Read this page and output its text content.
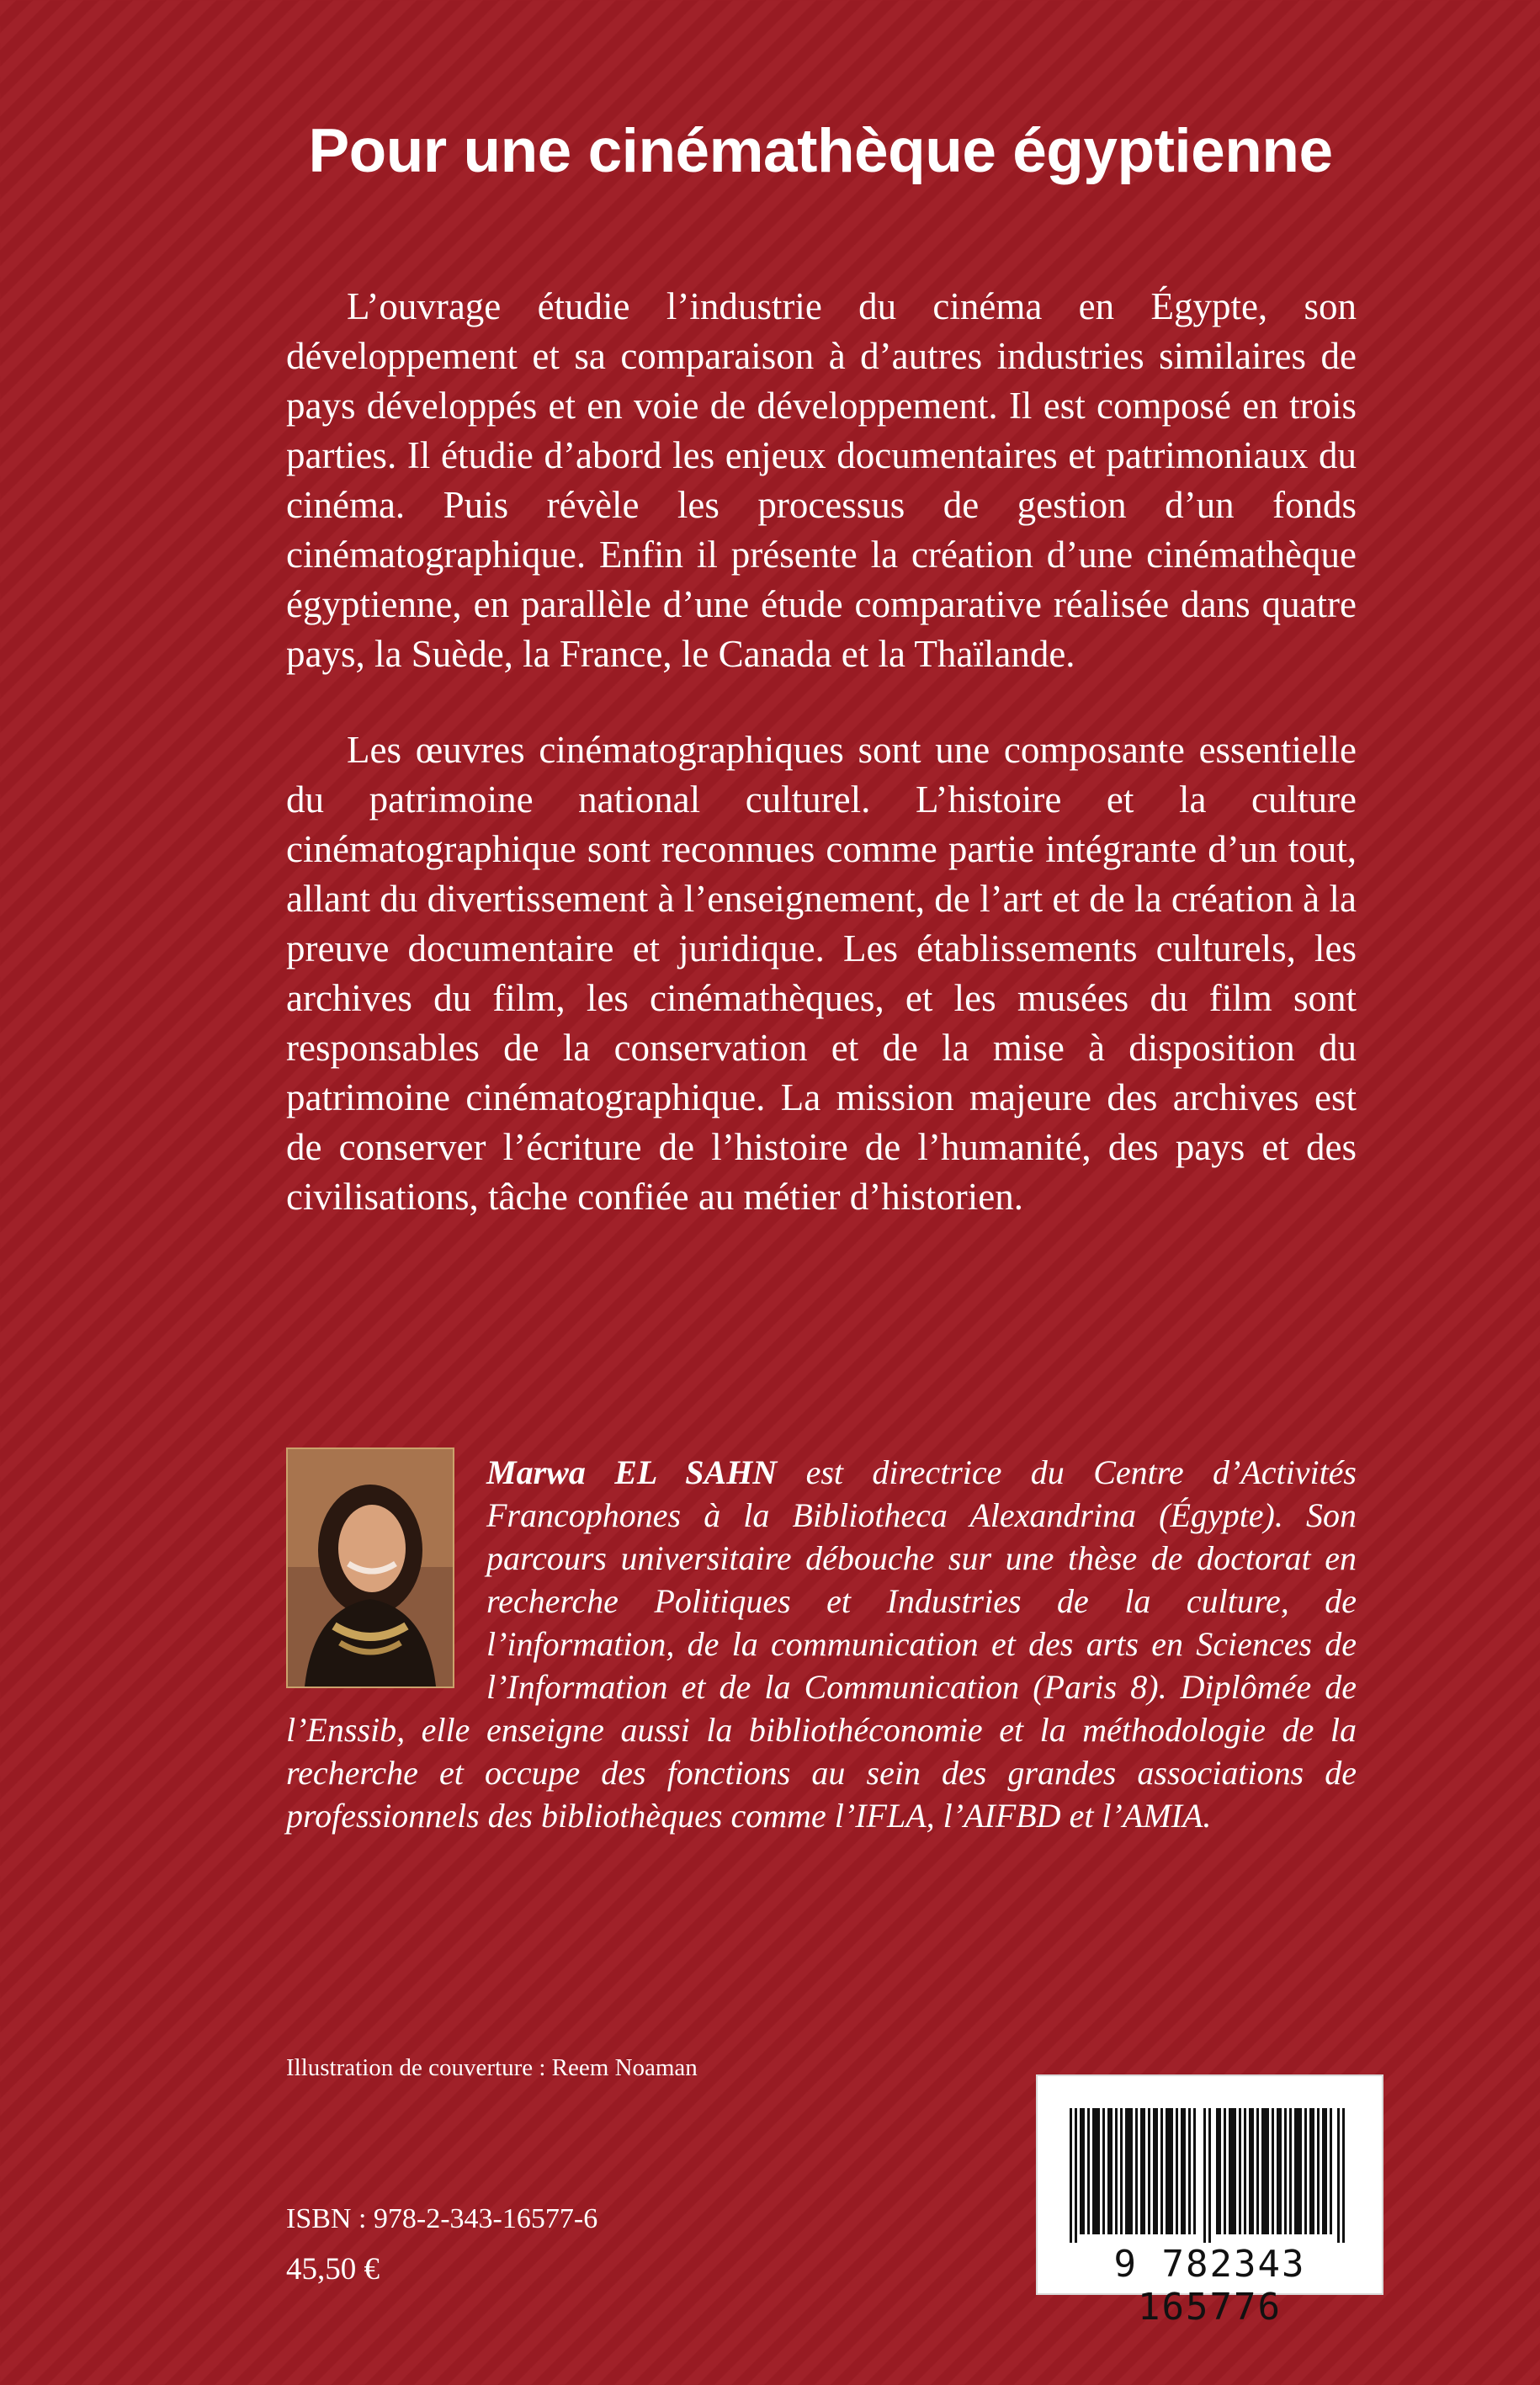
Pour une cinémathèque égyptienne

L’ouvrage étudie l’industrie du cinéma en Égypte, son développement et sa comparaison à d’autres industries similaires de pays développés et en voie de développement. Il est composé en trois parties. Il étudie d’abord les enjeux documentaires et patrimoniaux du cinéma. Puis révèle les processus de gestion d’un fonds cinématographique. Enfin il présente la création d’une cinémathèque égyptienne, en parallèle d’une étude comparative réalisée dans quatre pays, la Suède, la France, le Canada et la Thaïlande.

Les œuvres cinématographiques sont une composante essentielle du patrimoine national culturel. L’histoire et la culture cinématographique sont reconnues comme partie intégrante d’un tout, allant du divertissement à l’enseignement, de l’art et de la création à la preuve documentaire et juridique. Les établissements culturels, les archives du film, les cinémathèques, et les musées du film sont responsables de la conservation et de la mise à disposition du patrimoine cinématographique. La mission majeure des archives est de conserver l’écriture de l’histoire de l’humanité, des pays et des civilisations, tâche confiée au métier d’historien.

Marwa EL SAHN est directrice du Centre d’Activités Francophones à la Bibliotheca Alexandrina (Égypte). Son parcours universitaire débouche sur une thèse de doctorat en recherche Politiques et Industries de la culture, de l’information, de la communication et des arts en Sciences de l’Information et de la Communication (Paris 8). Diplômée de l’Enssib, elle enseigne aussi la bibliothéconomie et la méthodologie de la recherche et occupe des fonctions au sein des grandes associations de professionnels des bibliothèques comme l’IFLA, l’AIFBD et l’AMIA.

Illustration de couverture : Reem Noaman

ISBN : 978-2-343-16577-6

45,50 €	9 782343 165776
